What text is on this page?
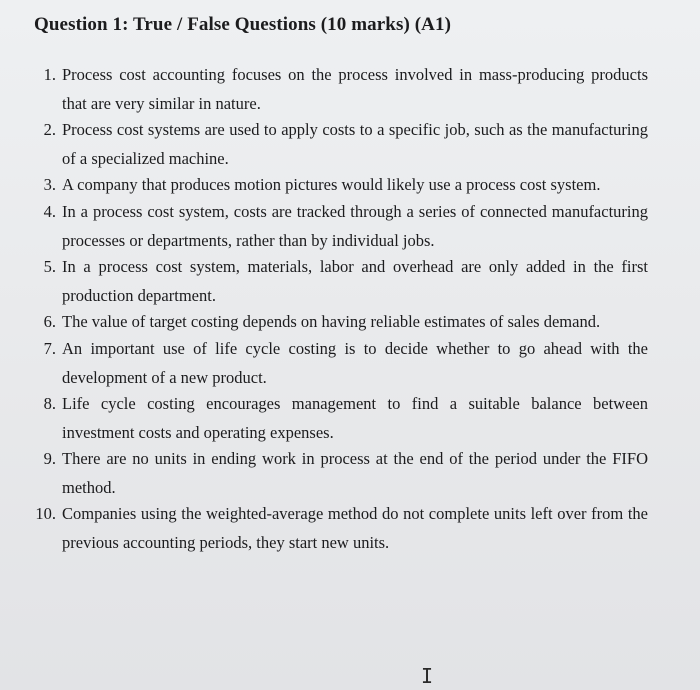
Question 1: True / False Questions (10 marks) (A1)
1. Process cost accounting focuses on the process involved in mass-producing products that are very similar in nature.
2. Process cost systems are used to apply costs to a specific job, such as the manufacturing of a specialized machine.
3. A company that produces motion pictures would likely use a process cost system.
4. In a process cost system, costs are tracked through a series of connected manufacturing processes or departments, rather than by individual jobs.
5. In a process cost system, materials, labor and overhead are only added in the first production department.
6. The value of target costing depends on having reliable estimates of sales demand.
7. An important use of life cycle costing is to decide whether to go ahead with the development of a new product.
8. Life cycle costing encourages management to find a suitable balance between investment costs and operating expenses.
9. There are no units in ending work in process at the end of the period under the FIFO method.
10. Companies using the weighted-average method do not complete units left over from the previous accounting periods, they start new units.
I
